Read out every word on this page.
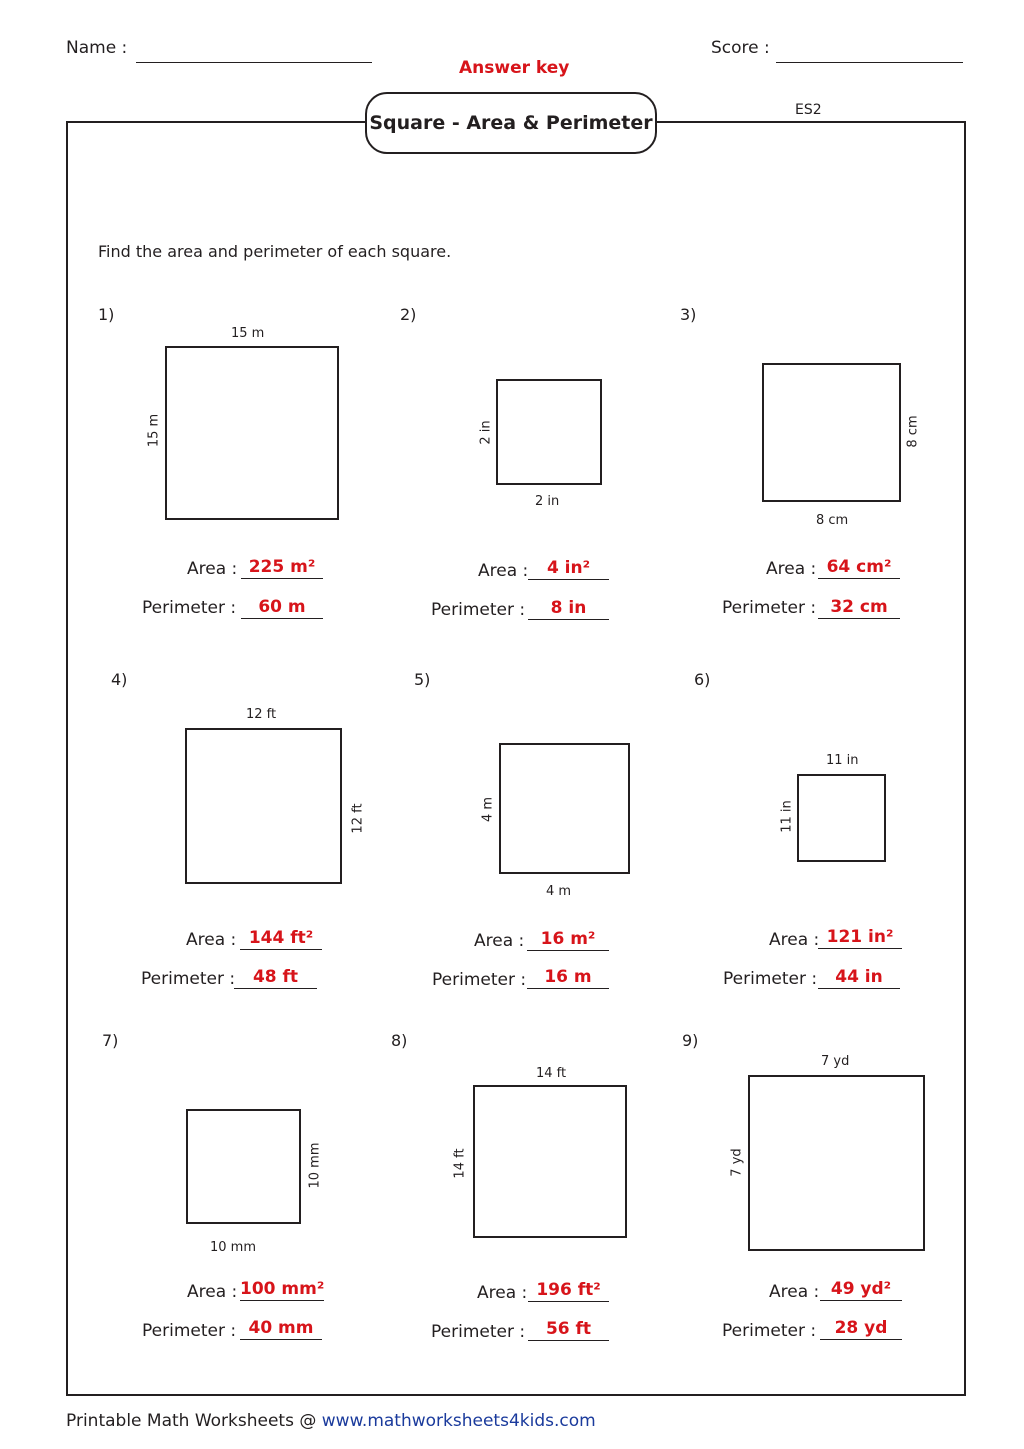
Name :	Score :
Answer key
Square - Area & Perimeter
ES2
Find the area and perimeter of each square.
1)
15 m
15 m
Area : 225 m²
Perimeter :	60 m
2)
2 in
2 in
Area :	4 in²
Perimeter :	8 in
3)
8 cm
8 cm
Area : 64 cm²
Perimeter : 32 cm
4)
12 ft
12 ft
Area : 144 ft²
Perimeter :	48 ft
5)
4 m
4 m
Area : 16 m²
Perimeter :	16 m
6)
11 in
11 in
Area : 121 in²
Perimeter :	44 in
7)
10 mm
10 mm
Area : 100 mm²
Perimeter : 40 mm
8)
14 ft
14 ft
Area : 196 ft²
Perimeter :	56 ft
9)
7 yd
7 yd
Area : 49 yd²
Perimeter :	28 yd
Printable Math Worksheets @ www.mathworksheets4kids.com
